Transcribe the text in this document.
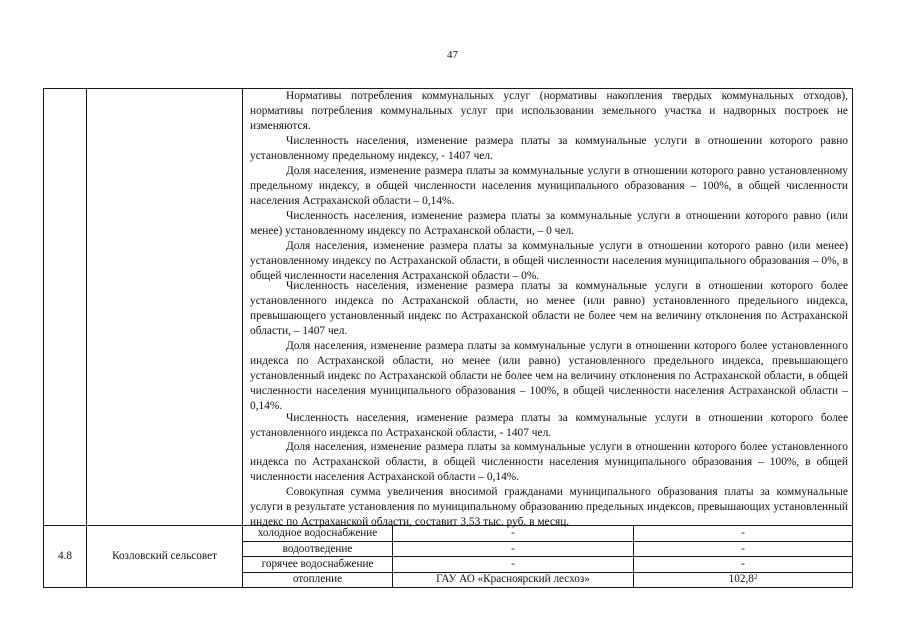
47
Нормативы потребления коммунальных услуг (нормативы накопления твердых коммунальных отходов), нормативы потребления коммунальных услуг при использовании земельного участка и надворных построек не изменяются.
Численность населения, изменение размера платы за коммунальные услуги в отношении которого равно установленному предельному индексу, - 1407 чел.
Доля населения, изменение размера платы за коммунальные услуги в отношении которого равно установленному предельному индексу, в общей численности населения муниципального образования – 100%, в общей численности населения Астраханской области – 0,14%.
Численность населения, изменение размера платы за коммунальные услуги в отношении которого равно (или менее) установленному индексу по Астраханской области, – 0 чел.
Доля населения, изменение размера платы за коммунальные услуги в отношении которого равно (или менее) установленному индексу по Астраханской области, в общей численности населения муниципального образования – 0%, в общей численности населения Астраханской области – 0%.
Численность населения, изменение размера платы за коммунальные услуги в отношении которого более установленного индекса по Астраханской области, но менее (или равно) установленного предельного индекса, превышающего установленный индекс по Астраханской области не более чем на величину отклонения по Астраханской области, – 1407 чел.
Доля населения, изменение размера платы за коммунальные услуги в отношении которого более установленного индекса по Астраханской области, но менее (или равно) установленного предельного индекса, превышающего установленный индекс по Астраханской области не более чем на величину отклонения по Астраханской области, в общей численности населения муниципального образования – 100%, в общей численности населения Астраханской области – 0,14%.
Численность населения, изменение размера платы за коммунальные услуги в отношении которого более установленного индекса по Астраханской области, - 1407 чел.
Доля населения, изменение размера платы за коммунальные услуги в отношении которого более установленного индекса по Астраханской области, в общей численности населения муниципального образования – 100%, в общей численности населения Астраханской области – 0,14%.
Совокупная сумма увеличения вносимой гражданами муниципального образования платы за коммунальные услуги в результате установления по муниципальному образованию предельных индексов, превышающих установленный индекс по Астраханской области, составит 3,53 тыс. руб. в месяц.
4.8	Козловский сельсовет
холодное водоснабжение	-	-
водоотведение	-	-
горячее водоснабжение	-	-
отопление	ГАУ АО «Красноярский лесхоз»	102,8$^2$
